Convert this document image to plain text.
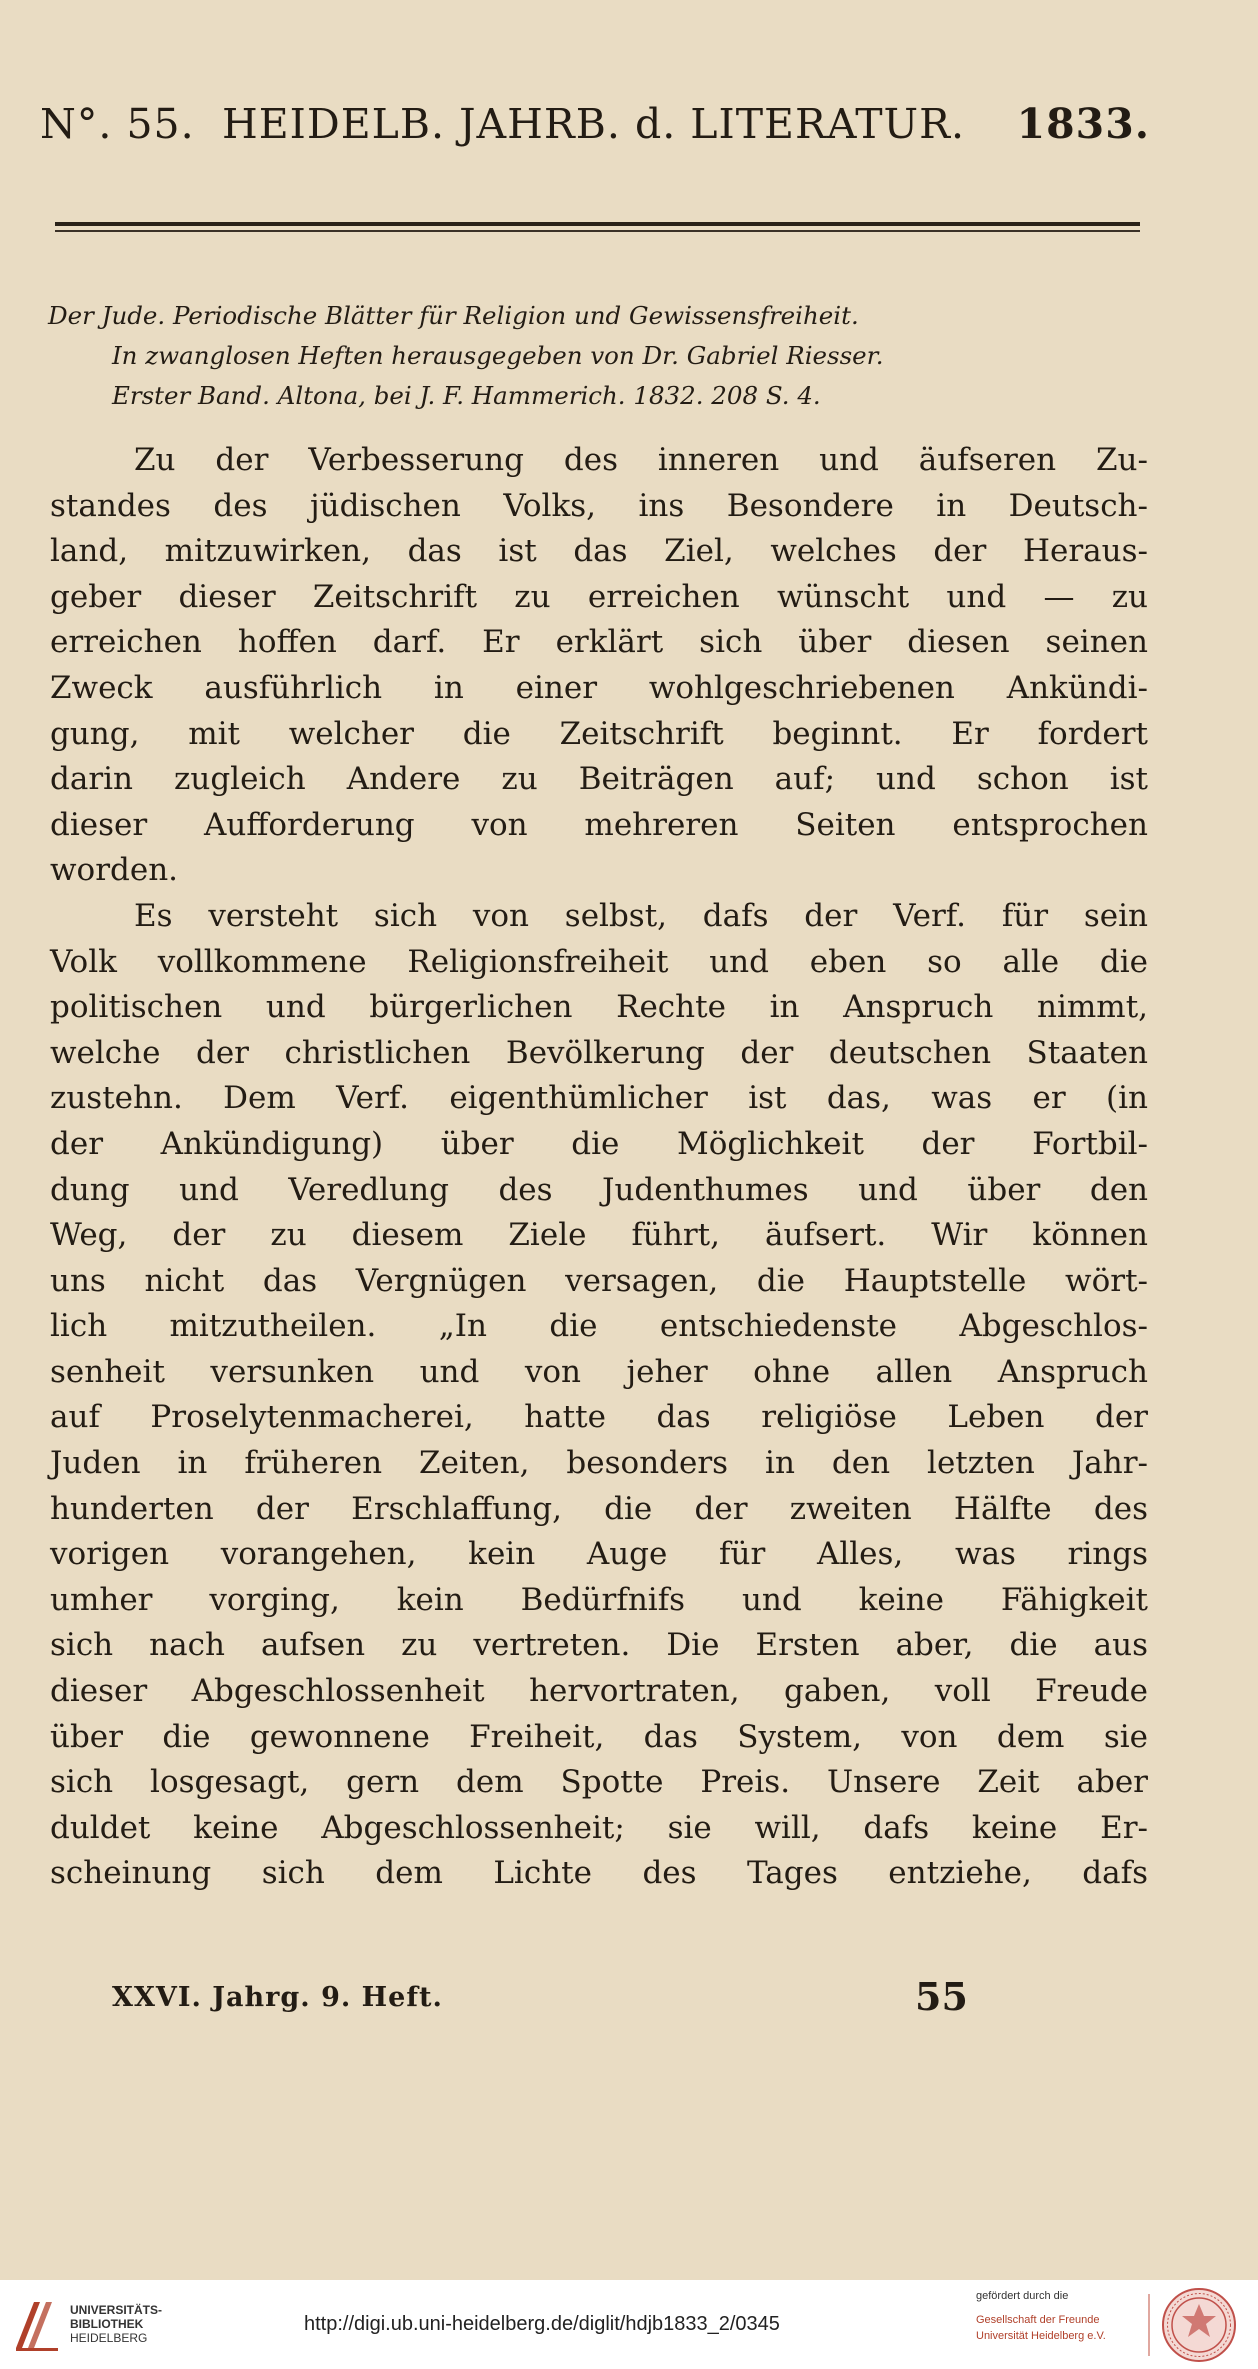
N°. 55. HEIDELB. JAHRB. d. LITERATUR. 1833.
Der Jude. Periodische Blätter für Religion und Gewissensfreiheit.
In zwanglosen Heften herausgegeben von Dr. Gabriel Riesser.
Erster Band. Altona, bei J. F. Hammerich. 1832. 208 S. 4.
Zu der Verbesserung des inneren und äufseren Zu-
standes des jüdischen Volks, ins Besondere in Deutsch-
land, mitzuwirken, das ist das Ziel, welches der Heraus-
geber dieser Zeitschrift zu erreichen wünscht und — zu
erreichen hoffen darf. Er erklärt sich über diesen seinen
Zweck ausführlich in einer wohlgeschriebenen Ankündi-
gung, mit welcher die Zeitschrift beginnt. Er fordert
darin zugleich Andere zu Beiträgen auf; und schon ist
dieser Aufforderung von mehreren Seiten entsprochen
worden.
Es versteht sich von selbst, dafs der Verf. für sein
Volk vollkommene Religionsfreiheit und eben so alle die
politischen und bürgerlichen Rechte in Anspruch nimmt,
welche der christlichen Bevölkerung der deutschen Staaten
zustehn. Dem Verf. eigenthümlicher ist das, was er (in
der Ankündigung) über die Möglichkeit der Fortbil-
dung und Veredlung des Judenthumes und über den
Weg, der zu diesem Ziele führt, äufsert. Wir können
uns nicht das Vergnügen versagen, die Hauptstelle wört-
lich mitzutheilen. „In die entschiedenste Abgeschlos-
senheit versunken und von jeher ohne allen Anspruch
auf Proselytenmacherei, hatte das religiöse Leben der
Juden in früheren Zeiten, besonders in den letzten Jahr-
hunderten der Erschlaffung, die der zweiten Hälfte des
vorigen vorangehen, kein Auge für Alles, was rings
umher vorging, kein Bedürfnifs und keine Fähigkeit
sich nach aufsen zu vertreten. Die Ersten aber, die aus
dieser Abgeschlossenheit hervortraten, gaben, voll Freude
über die gewonnene Freiheit, das System, von dem sie
sich losgesagt, gern dem Spotte Preis. Unsere Zeit aber
duldet keine Abgeschlossenheit; sie will, dafs keine Er-
scheinung sich dem Lichte des Tages entziehe, dafs
XXVI. Jahrg. 9. Heft.	55
UNIVERSITÄTS-
BIBLIOTHEK
HEIDELBERG
http://digi.ub.uni-heidelberg.de/diglit/hdjb1833_2/0345
gefördert durch die
Gesellschaft der Freunde
Universität Heidelberg e.V.
